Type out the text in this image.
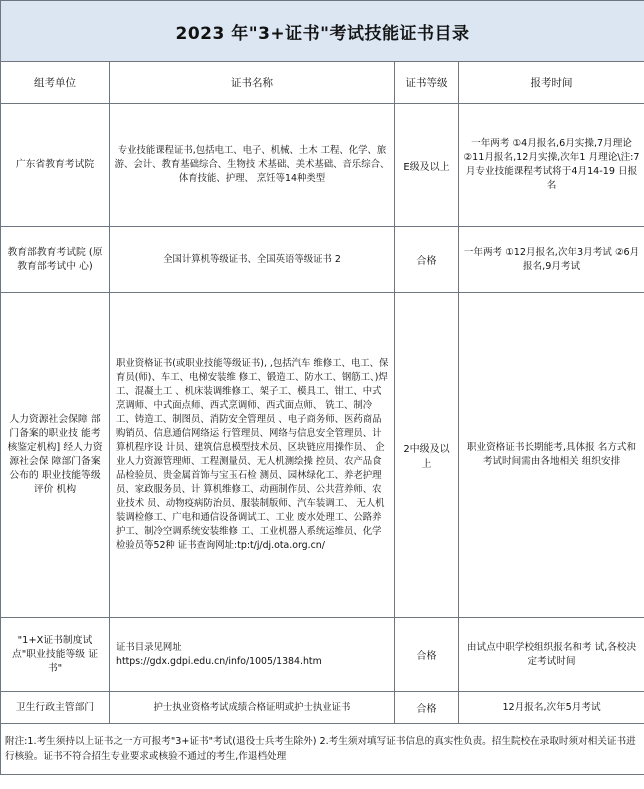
2023 年"3+证书"考试技能证书目录			
组考单位	证书名称	证书等级	报考时间
广东省教育考试院	专业技能课程证书,包括电工、电子、机械、土木 工程、化学、旅游、会计、教育基础综合、生物技 术基础、美术基础、音乐综合、体育技能、护理、 烹饪等14种类型	E级及以上	一年两考 ①4月报名,6月实操,7月理论 ②11月报名,12月实操,次年1 月理论\注:7月专业技能课程考试将于4月14-19 日报名
教育部教育考试院 (原教育部考试中 心)	全国计算机等级证书、全国英语等级证书 2	合格	一年两考 ①12月报名,次年3月考试 ②6月报名,9月考试
人力资源社会保障 部门备案的职业技 能考核鉴定机构] 经人力资源社会保 障部门备案公布的 职业技能等级评价 机构	职业资格证书(或职业技能等级证书), ,包括汽车 维修工、电工、保育员(师)、车工、电梯安装维 修工、锻造工、防水工、钢筋工、)焊工、混凝土工 、机床装调维修工、架子工、模具工、钳工、中式 烹调师、中式面点师、西式烹调师、西式面点师、 铣工、制冷工、铸造工、制图员、消防安全管理员 、电子商务师、医药商品购销员、信息通信网络运 行管理员、网络与信息安全管理员、计算机程序设 计员、建筑信息模型技术员、区块链应用操作员、 企业人力资源管理师、工程测量员、无人机测绘操 控员、农产品食品检验员、贵金属首饰与宝玉石检 测员、园林绿化工、养老护理员、家政服务员、计 算机维修工、动画制作员、公共营养师、农业技术 员、动物疫病防治员、服装制版师、汽车装调工、 无人机装调检修工、广电和通信设备调试工、工业 废水处理工、公路养护工、制冷空调系统安装维修 工、工业机器人系统运维员、化学检验员等52种 证书查询网址:tp:t/j/dj.ota.org.cn/	2中级及以上	职业资格证书长期能考,具体报 名方式和考试时间需由各地相关 组织安排
"1+X证书制度试 点"职业技能等级 证书"	证书目录见网址 https://gdx.gdpi.edu.cn/info/1005/1384.htm	合格	由试点中职学校组织报名和考 试,各校决定考试时间
卫生行政主管部门	护士执业资格考试成绩合格证明或护士执业证书	合格	12月报名,次年5月考试
附注:1.考生须持以上证书之一方可报考"3+证书"考试(退役士兵考生除外) 2.考生须对填写证书信息的真实性负责。招生院校在录取时须对相关证书进行核验。证书不符合招生专业要求或核验不通过的考生,作退档处理			
